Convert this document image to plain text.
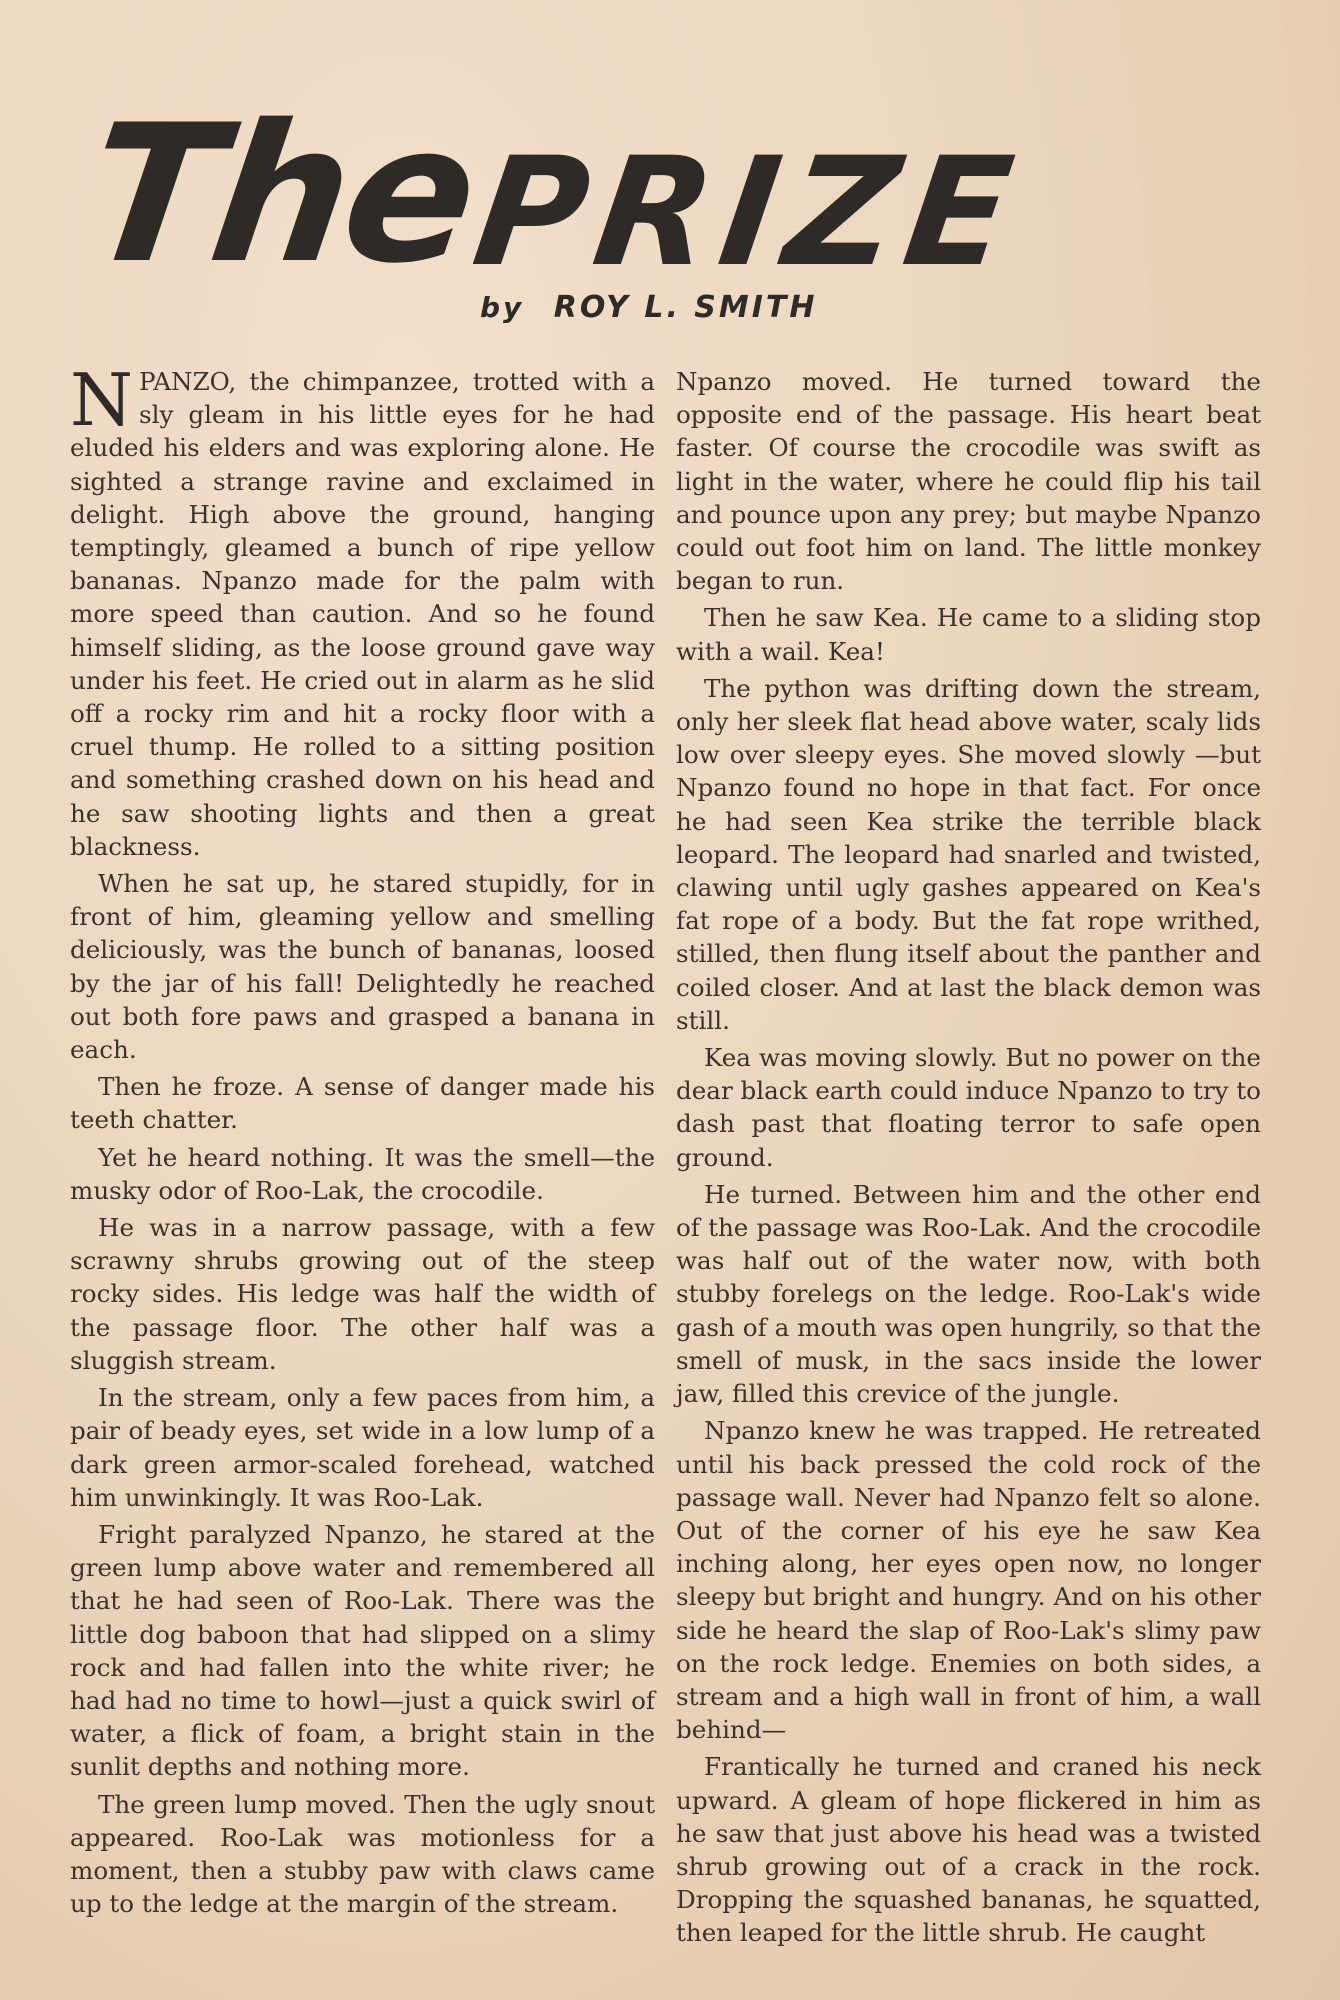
The
PRIZE
by ROY L. SMITH

NPANZO, the chimpanzee, trotted with a sly gleam in his little eyes for he had eluded his elders and was exploring alone. He sighted a strange ravine and exclaimed in delight. High above the ground, hanging temptingly, gleamed a bunch of ripe yellow bananas. Npanzo made for the palm with more speed than caution. And so he found himself sliding, as the loose ground gave way under his feet. He cried out in alarm as he slid off a rocky rim and hit a rocky floor with a cruel thump. He rolled to a sitting position and something crashed down on his head and he saw shooting lights and then a great blackness.

When he sat up, he stared stupidly, for in front of him, gleaming yellow and smelling deliciously, was the bunch of bananas, loosed by the jar of his fall! Delightedly he reached out both fore paws and grasped a banana in each.

Then he froze. A sense of danger made his teeth chatter.

Yet he heard nothing. It was the smell—the musky odor of Roo-Lak, the crocodile.

He was in a narrow passage, with a few scrawny shrubs growing out of the steep rocky sides. His ledge was half the width of the passage floor. The other half was a sluggish stream.

In the stream, only a few paces from him, a pair of beady eyes, set wide in a low lump of a dark green armor-scaled forehead, watched him unwinkingly. It was Roo-Lak.

Fright paralyzed Npanzo, he stared at the green lump above water and remembered all that he had seen of Roo-Lak. There was the little dog baboon that had slipped on a slimy rock and had fallen into the white river; he had had no time to howl—just a quick swirl of water, a flick of foam, a bright stain in the sunlit depths and nothing more.

The green lump moved. Then the ugly snout appeared. Roo-Lak was motionless for a moment, then a stubby paw with claws came up to the ledge at the margin of the stream.

Npanzo moved. He turned toward the opposite end of the passage. His heart beat faster. Of course the crocodile was swift as light in the water, where he could flip his tail and pounce upon any prey; but maybe Npanzo could out foot him on land. The little monkey began to run.

Then he saw Kea. He came to a sliding stop with a wail. Kea!

The python was drifting down the stream, only her sleek flat head above water, scaly lids low over sleepy eyes. She moved slowly —but Npanzo found no hope in that fact. For once he had seen Kea strike the terrible black leopard. The leopard had snarled and twisted, clawing until ugly gashes appeared on Kea's fat rope of a body. But the fat rope writhed, stilled, then flung itself about the panther and coiled closer. And at last the black demon was still.

Kea was moving slowly. But no power on the dear black earth could induce Npanzo to try to dash past that floating terror to safe open ground.

He turned. Between him and the other end of the passage was Roo-Lak. And the crocodile was half out of the water now, with both stubby forelegs on the ledge. Roo-Lak's wide gash of a mouth was open hungrily, so that the smell of musk, in the sacs inside the lower jaw, filled this crevice of the jungle.

Npanzo knew he was trapped. He retreated until his back pressed the cold rock of the passage wall. Never had Npanzo felt so alone. Out of the corner of his eye he saw Kea inching along, her eyes open now, no longer sleepy but bright and hungry. And on his other side he heard the slap of Roo-Lak's slimy paw on the rock ledge. Enemies on both sides, a stream and a high wall in front of him, a wall behind—

Frantically he turned and craned his neck upward. A gleam of hope flickered in him as he saw that just above his head was a twisted shrub growing out of a crack in the rock. Dropping the squashed bananas, he squatted, then leaped for the little shrub. He caught
